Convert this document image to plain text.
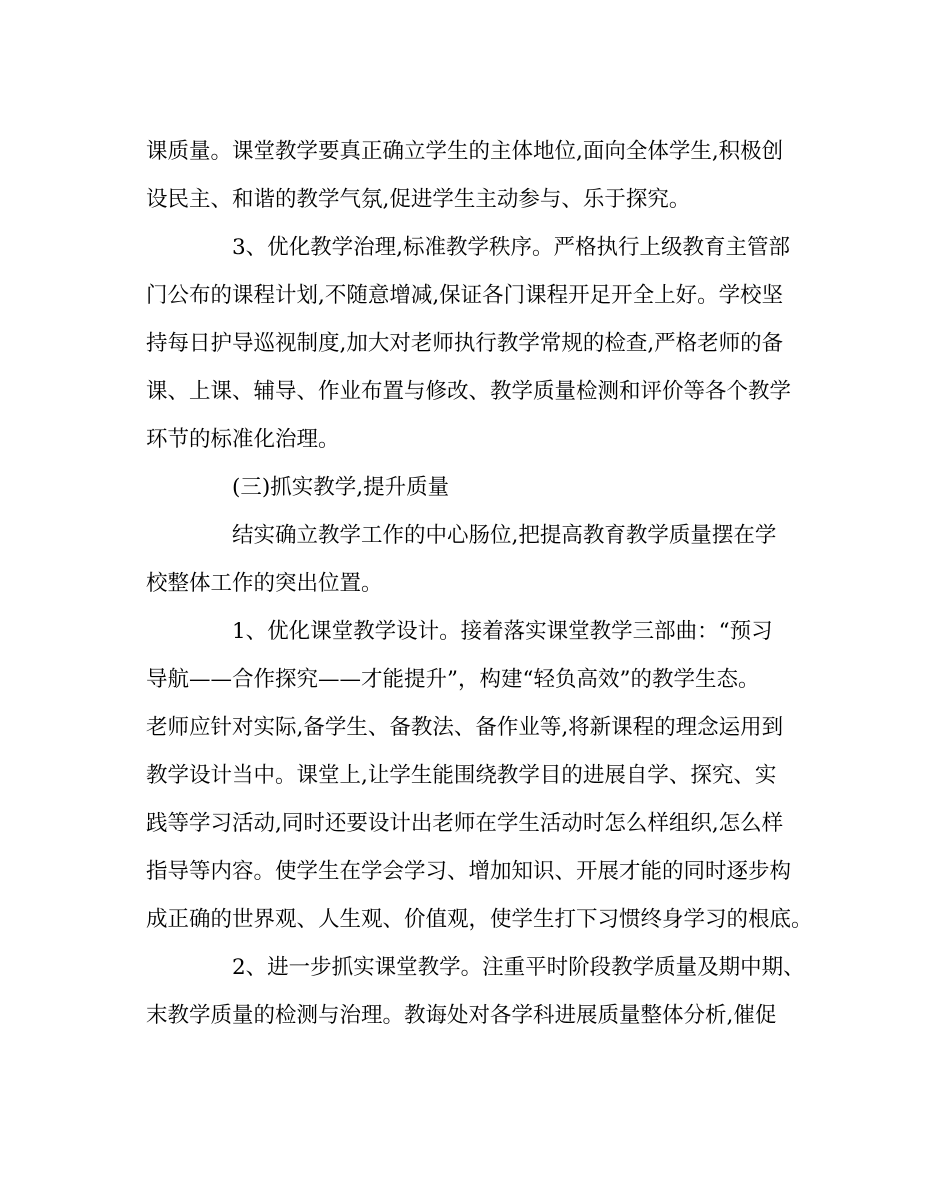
课质量。课堂教学要真正确立学生的主体地位,面向全体学生,积极创
设民主、和谐的教学气氛,促进学生主动参与、乐于探究。
3、优化教学治理,标准教学秩序。严格执行上级教育主管部
门公布的课程计划,不随意增减,保证各门课程开足开全上好。学校坚
持每日护导巡视制度,加大对老师执行教学常规的检查,严格老师的备
课、上课、辅导、作业布置与修改、教学质量检测和评价等各个教学
环节的标准化治理。
(三)抓实教学,提升质量
结实确立教学工作的中心肠位,把提高教育教学质量摆在学
校整体工作的突出位置。
1、优化课堂教学设计。接着落实课堂教学三部曲：“预习
导航——合作探究——才能提升”，构建“轻负高效”的教学生态。
老师应针对实际,备学生、备教法、备作业等,将新课程的理念运用到
教学设计当中。课堂上,让学生能围绕教学目的进展自学、探究、实
践等学习活动,同时还要设计出老师在学生活动时怎么样组织,怎么样
指导等内容。使学生在学会学习、增加知识、开展才能的同时逐步构
成正确的世界观、人生观、价值观，使学生打下习惯终身学习的根底。
2、进一步抓实课堂教学。注重平时阶段教学质量及期中期、
末教学质量的检测与治理。教诲处对各学科进展质量整体分析,催促
